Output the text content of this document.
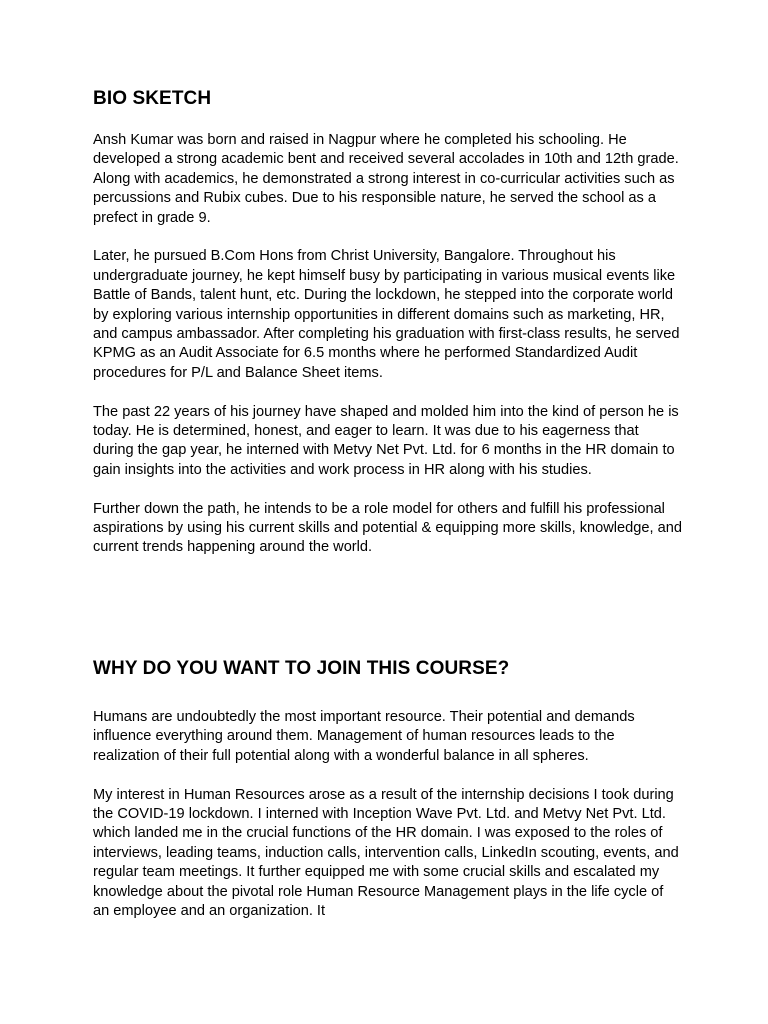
BIO SKETCH

Ansh Kumar was born and raised in Nagpur where he completed his schooling. He developed a strong academic bent and received several accolades in 10th and 12th grade. Along with academics, he demonstrated a strong interest in co-curricular activities such as percussions and Rubix cubes. Due to his responsible nature, he served the school as a prefect in grade 9.

Later, he pursued B.Com Hons from Christ University, Bangalore. Throughout his undergraduate journey, he kept himself busy by participating in various musical events like Battle of Bands, talent hunt, etc. During the lockdown, he stepped into the corporate world by exploring various internship opportunities in different domains such as marketing, HR, and campus ambassador. After completing his graduation with first-class results, he served KPMG as an Audit Associate for 6.5 months where he performed Standardized Audit procedures for P/L and Balance Sheet items.

The past 22 years of his journey have shaped and molded him into the kind of person he is today. He is determined, honest, and eager to learn. It was due to his eagerness that during the gap year, he interned with Metvy Net Pvt. Ltd. for 6 months in the HR domain to gain insights into the activities and work process in HR along with his studies.

Further down the path, he intends to be a role model for others and fulfill his professional aspirations by using his current skills and potential & equipping more skills, knowledge, and current trends happening around the world.

WHY DO YOU WANT TO JOIN THIS COURSE?

Humans are undoubtedly the most important resource. Their potential and demands influence everything around them. Management of human resources leads to the realization of their full potential along with a wonderful balance in all spheres.

My interest in Human Resources arose as a result of the internship decisions I took during the COVID-19 lockdown. I interned with Inception Wave Pvt. Ltd. and Metvy Net Pvt. Ltd. which landed me in the crucial functions of the HR domain. I was exposed to the roles of interviews, leading teams, induction calls, intervention calls, LinkedIn scouting, events, and regular team meetings. It further equipped me with some crucial skills and escalated my knowledge about the pivotal role Human Resource Management plays in the life cycle of an employee and an organization. It
